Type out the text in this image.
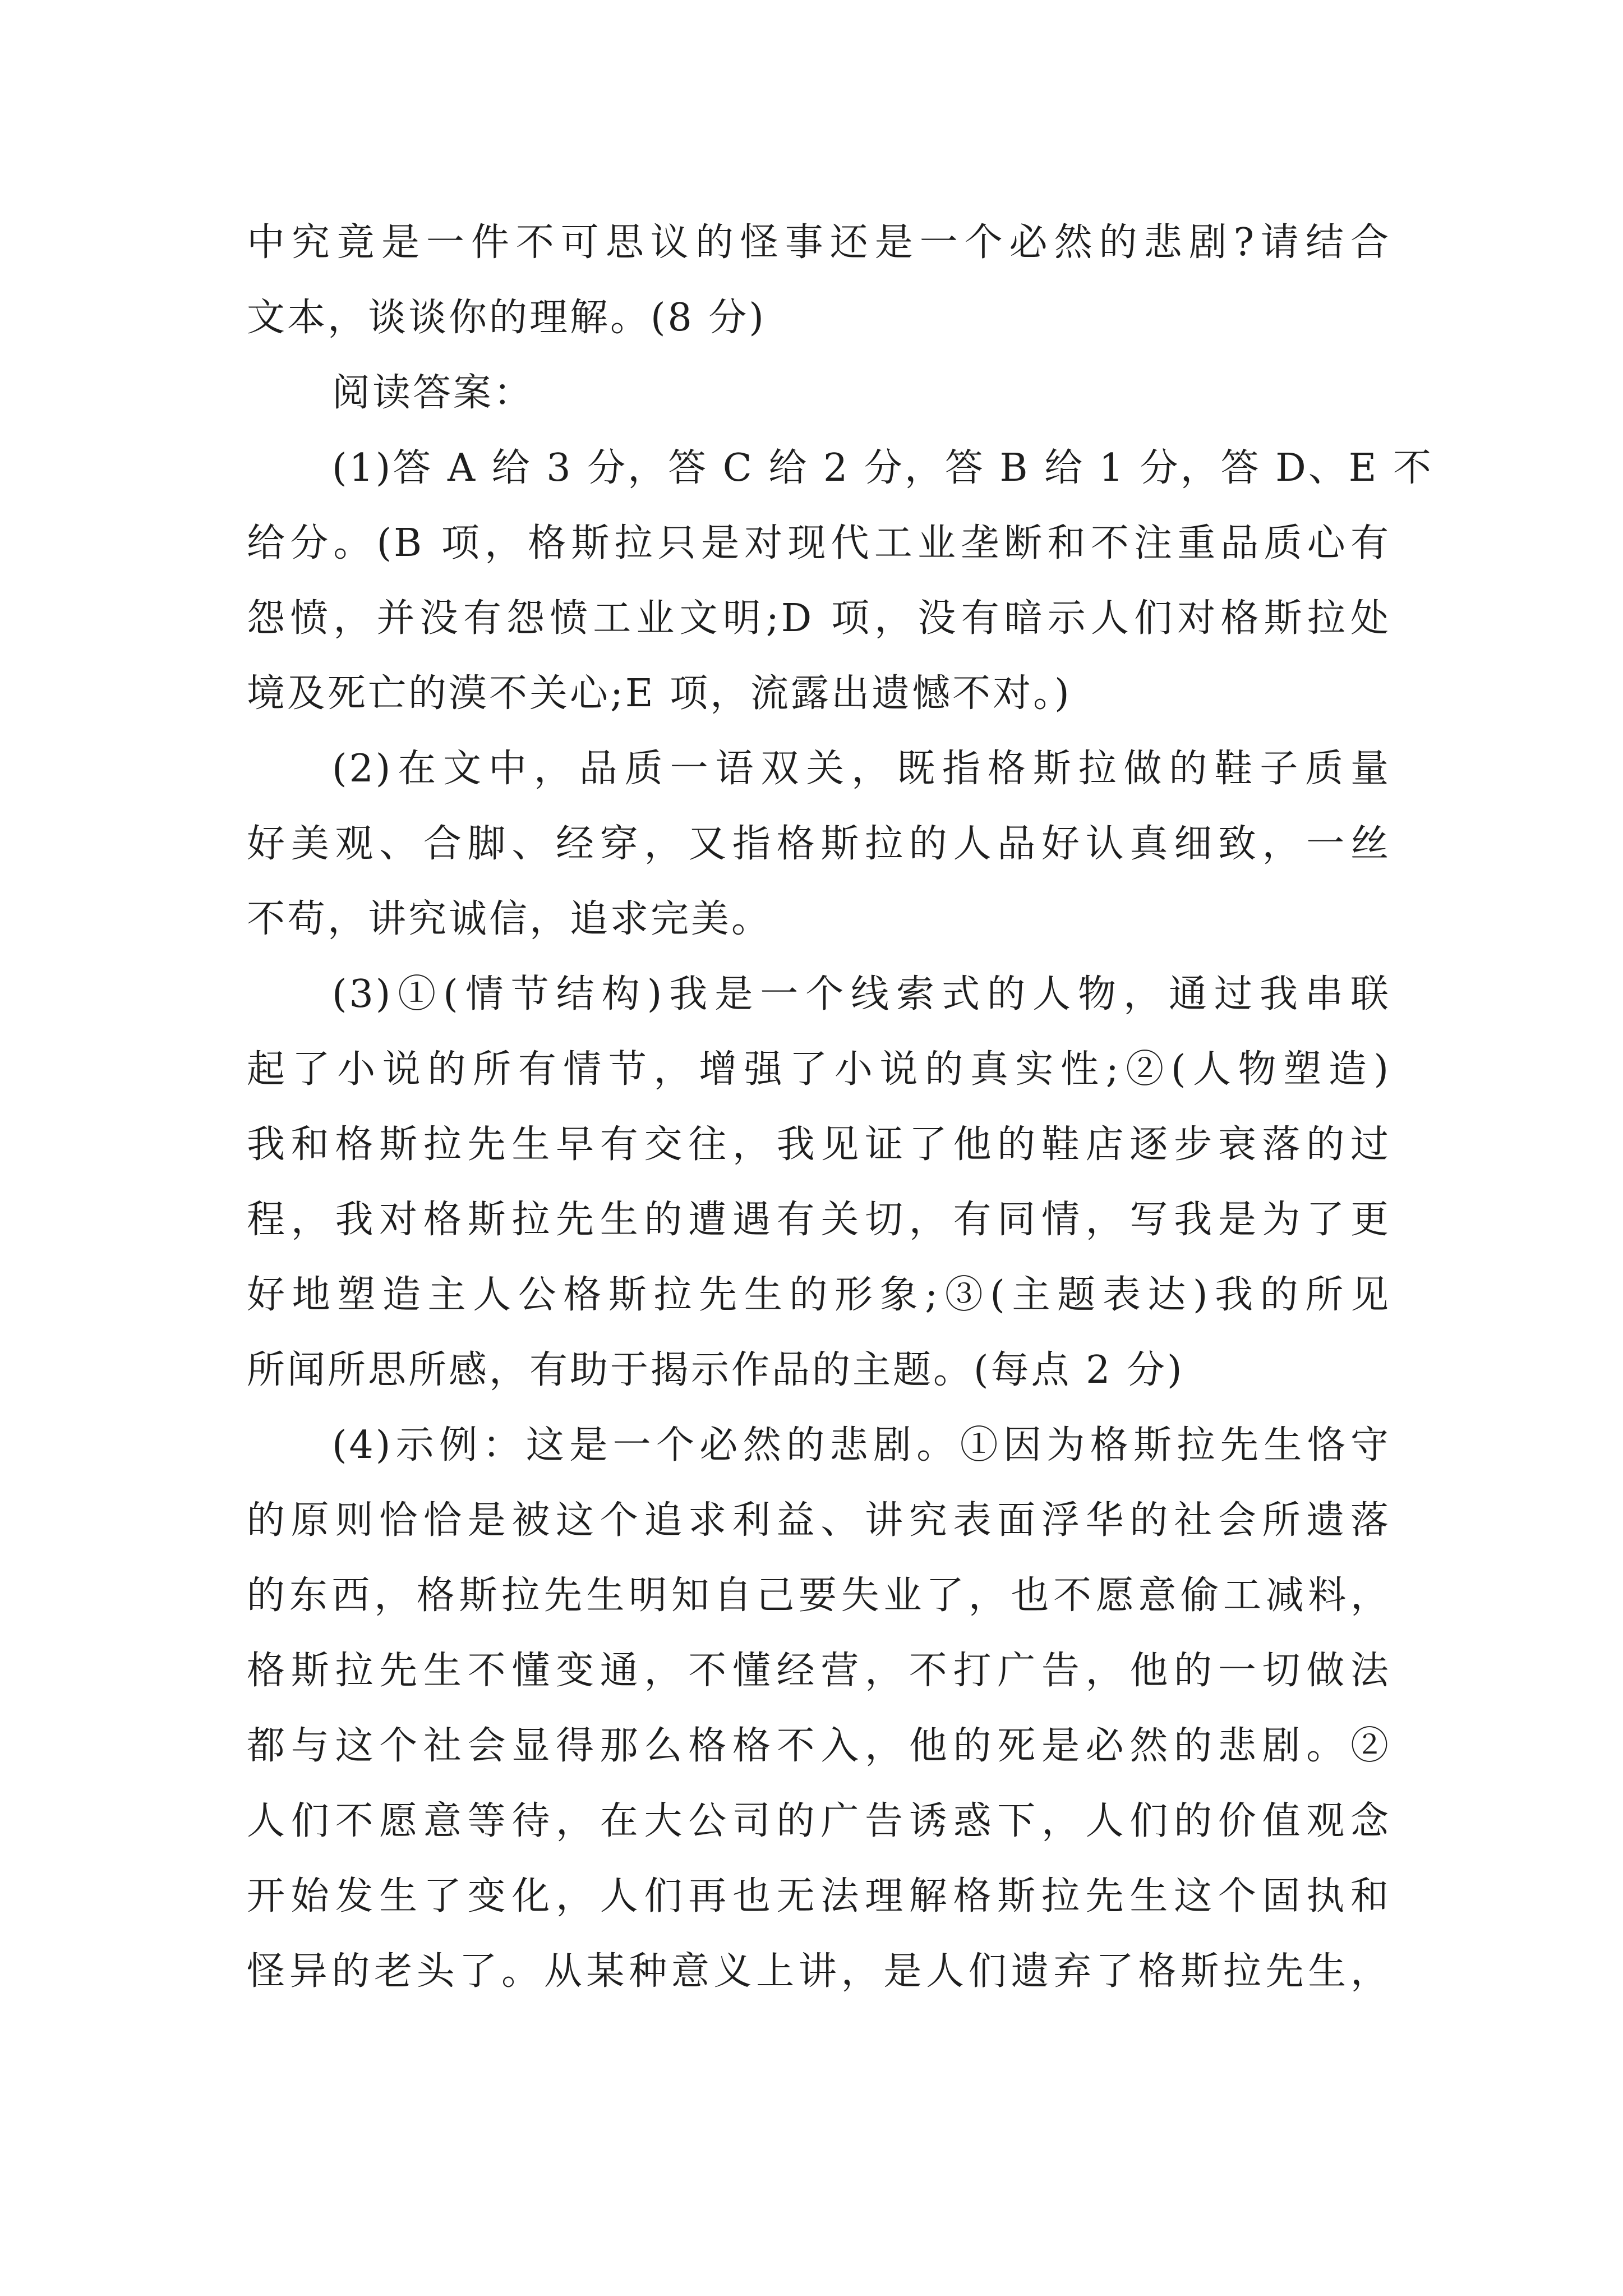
中究竟是一件不可思议的怪事还是一个必然的悲剧?请结合
文本，谈谈你的理解。(8 分)
阅读答案：
(1)答 A 给 3 分，答 C 给 2 分，答 B 给 1 分，答 D、E 不
给分。(B 项，格斯拉只是对现代工业垄断和不注重品质心有
怨愤，并没有怨愤工业文明;D 项，没有暗示人们对格斯拉处
境及死亡的漠不关心;E 项，流露出遗憾不对。)
(2)在文中，品质一语双关，既指格斯拉做的鞋子质量
好美观、合脚、经穿，又指格斯拉的人品好认真细致，一丝
不苟，讲究诚信，追求完美。
(3)①(情节结构)我是一个线索式的人物，通过我串联
起了小说的所有情节，增强了小说的真实性;②(人物塑造)
我和格斯拉先生早有交往，我见证了他的鞋店逐步衰落的过
程，我对格斯拉先生的遭遇有关切，有同情，写我是为了更
好地塑造主人公格斯拉先生的形象;③(主题表达)我的所见
所闻所思所感，有助于揭示作品的主题。(每点 2 分)
(4)示例：这是一个必然的悲剧。①因为格斯拉先生恪守
的原则恰恰是被这个追求利益、讲究表面浮华的社会所遗落
的东西，格斯拉先生明知自己要失业了，也不愿意偷工减料，
格斯拉先生不懂变通，不懂经营，不打广告，他的一切做法
都与这个社会显得那么格格不入，他的死是必然的悲剧。②
人们不愿意等待，在大公司的广告诱惑下，人们的价值观念
开始发生了变化，人们再也无法理解格斯拉先生这个固执和
怪异的老头了。从某种意义上讲，是人们遗弃了格斯拉先生，
